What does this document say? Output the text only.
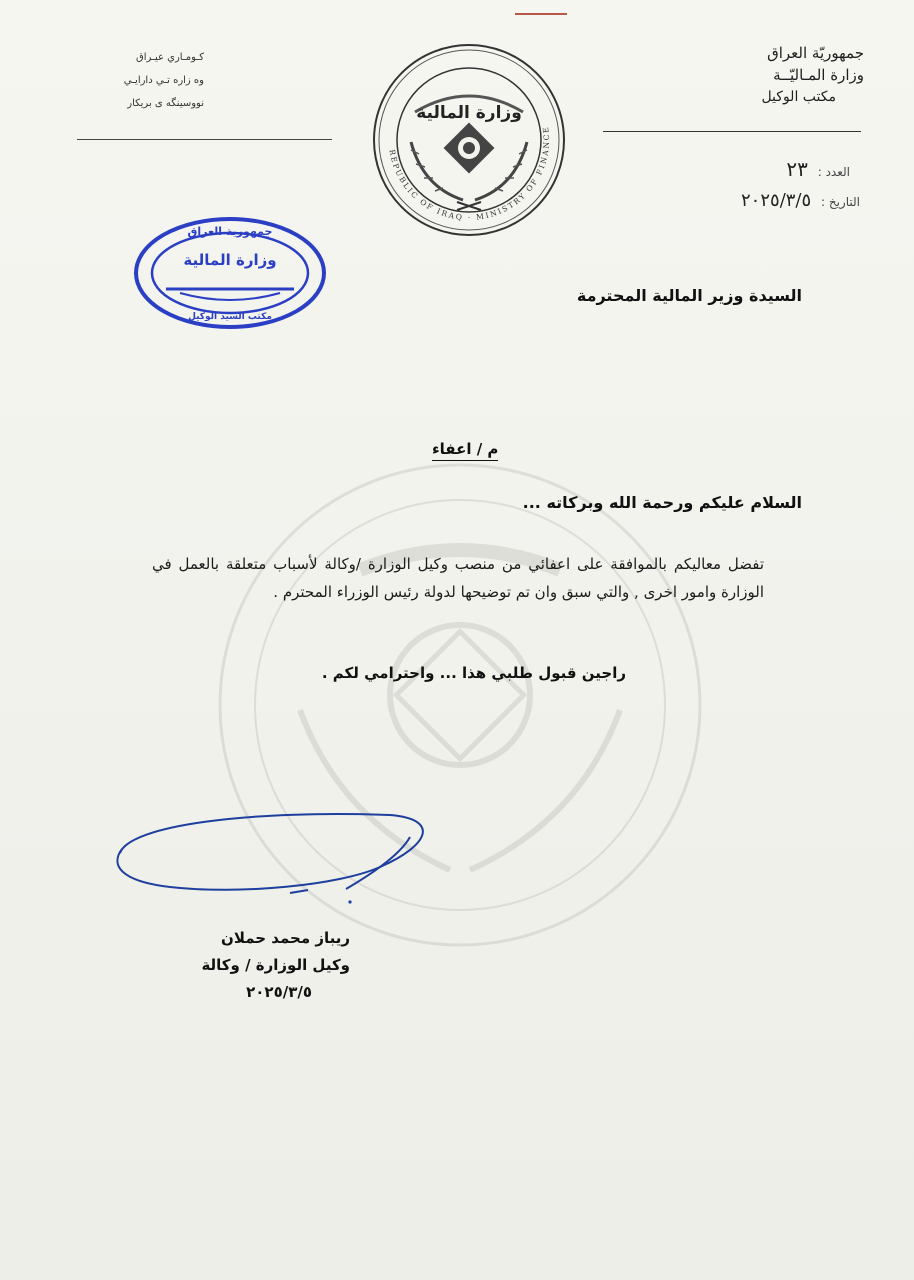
جمهوريّة العراق
وزارة المـاليّــة
مكتب الوكيل
كـومـاري عيـراق
وه زاره تـي دارايـي
نووسينگه ی بريكار
REPUBLIC OF IRAQ · MINISTRY OF FINANCE
وزارة المالية
جمهورية العراق
وزارة المالية
مكتب السيد الوكيل
العدد : ٢٣
التاريخ : ٢٠٢٥/٣/٥
السيدة وزير المالية المحترمة
م / اعفاء
السلام عليكم ورحمة الله وبركاته ...
تفضل معاليكم بالموافقة على اعفائي من منصب وكيل الوزارة /وكالة لأسباب متعلقة بالعمل في الوزارة وامور اخرى , والتي سبق وان تم توضيحها لدولة رئيس الوزراء المحترم .
راجين قبول طلبي هذا ... واحترامي لكم .
ريباز محمد حملان
وكيل الوزارة / وكالة
٢٠٢٥/٣/٥
